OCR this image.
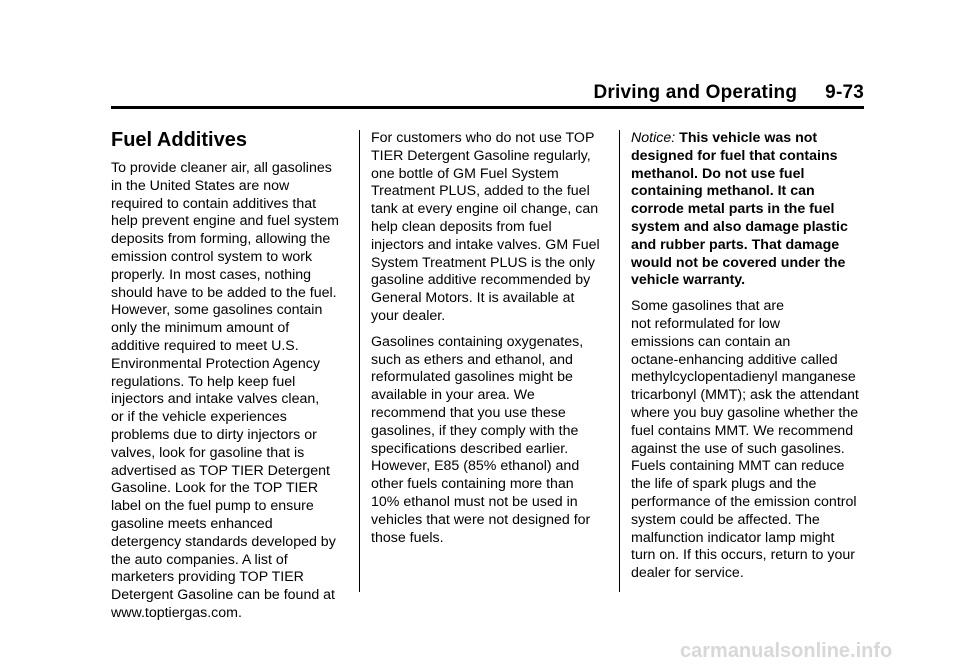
Driving and Operating 9-73
Fuel Additives

To provide cleaner air, all gasolines
in the United States are now
required to contain additives that
help prevent engine and fuel system
deposits from forming, allowing the
emission control system to work
properly. In most cases, nothing
should have to be added to the fuel.
However, some gasolines contain
only the minimum amount of
additive required to meet U.S.
Environmental Protection Agency
regulations. To help keep fuel
injectors and intake valves clean,
or if the vehicle experiences
problems due to dirty injectors or
valves, look for gasoline that is
advertised as TOP TIER Detergent
Gasoline. Look for the TOP TIER
label on the fuel pump to ensure
gasoline meets enhanced
detergency standards developed by
the auto companies. A list of
marketers providing TOP TIER
Detergent Gasoline can be found at
www.toptiergas.com.

For customers who do not use TOP
TIER Detergent Gasoline regularly,
one bottle of GM Fuel System
Treatment PLUS, added to the fuel
tank at every engine oil change, can
help clean deposits from fuel
injectors and intake valves. GM Fuel
System Treatment PLUS is the only
gasoline additive recommended by
General Motors. It is available at
your dealer.

Gasolines containing oxygenates,
such as ethers and ethanol, and
reformulated gasolines might be
available in your area. We
recommend that you use these
gasolines, if they comply with the
specifications described earlier.
However, E85 (85% ethanol) and
other fuels containing more than
10% ethanol must not be used in
vehicles that were not designed for
those fuels.

Notice: This vehicle was not
designed for fuel that contains
methanol. Do not use fuel
containing methanol. It can
corrode metal parts in the fuel
system and also damage plastic
and rubber parts. That damage
would not be covered under the
vehicle warranty.

Some gasolines that are
not reformulated for low
emissions can contain an
octane-enhancing additive called
methylcyclopentadienyl manganese
tricarbonyl (MMT); ask the attendant
where you buy gasoline whether the
fuel contains MMT. We recommend
against the use of such gasolines.
Fuels containing MMT can reduce
the life of spark plugs and the
performance of the emission control
system could be affected. The
malfunction indicator lamp might
turn on. If this occurs, return to your
dealer for service.

carmanualsonline.info
